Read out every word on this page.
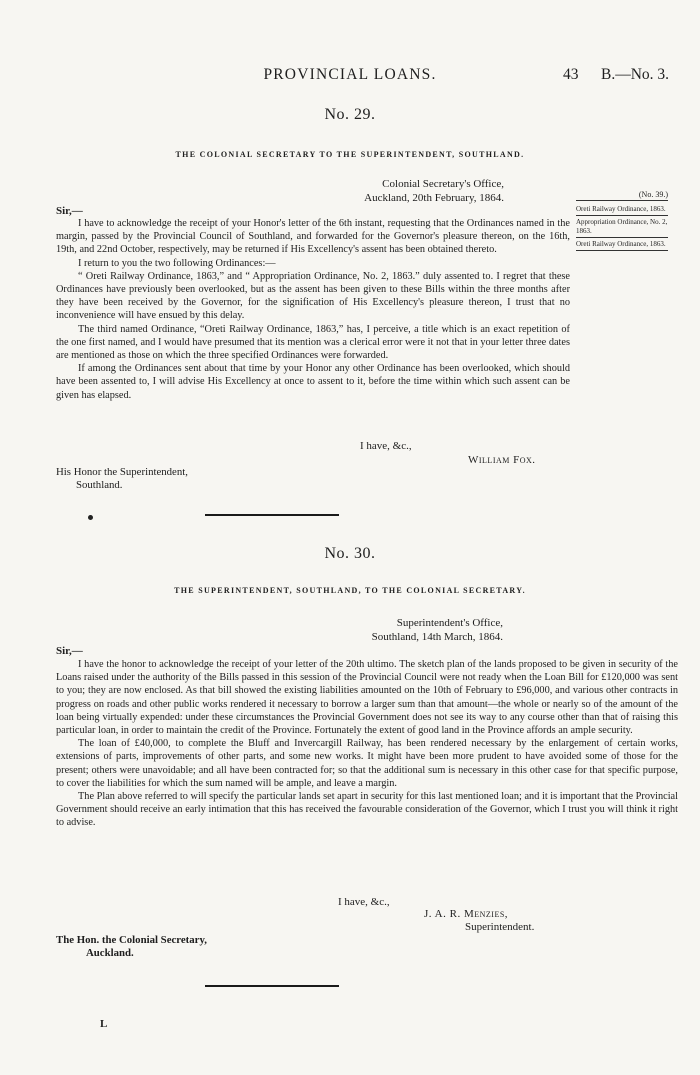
PROVINCIAL LOANS.	43 B.—No. 3.
No. 29.
THE COLONIAL SECRETARY TO THE SUPERINTENDENT, SOUTHLAND.
Colonial Secretary's Office,
Auckland, 20th February, 1864.
Sir,—

I have to acknowledge the receipt of your Honor's letter of the 6th instant, requesting that the Ordinances named in the margin, passed by the Provincial Council of Southland, and forwarded for the Governor's pleasure thereon, on the 16th, 19th, and 22nd October, respectively, may be returned if His Excellency's assent has been obtained thereto.

I return to you the two following Ordinances:—

“ Oreti Railway Ordinance, 1863,” and “ Appropriation Ordinance, No. 2, 1863.” duly assented to. I regret that these Ordinances have previously been overlooked, but as the assent has been given to these Bills within the three months after they have been received by the Governor, for the signification of His Excellency's pleasure thereon, I trust that no inconvenience will have ensued by this delay.

The third named Ordinance, “Oreti Railway Ordinance, 1863,” has, I perceive, a title which is an exact repetition of the one first named, and I would have presumed that its mention was a clerical error were it not that in your letter three dates are mentioned as those on which the three specified Ordinances were forwarded.

If among the Ordinances sent about that time by your Honor any other Ordinance has been overlooked, which should have been assented to, I will advise His Excellency at once to assent to it, before the time within which such assent can be given has elapsed.

I have, &c.,
William Fox.
His Honor the Superintendent,
Southland.
(No. 39.)
Oreti Railway Ordinance, 1863.
Appropriation Ordinance, No. 2, 1863.
Oreti Railway Ordinance, 1863.
No. 30.
THE SUPERINTENDENT, SOUTHLAND, TO THE COLONIAL SECRETARY.
Superintendent's Office,
Southland, 14th March, 1864.
Sir,—

I have the honor to acknowledge the receipt of your letter of the 20th ultimo. The sketch plan of the lands proposed to be given in security of the Loans raised under the authority of the Bills passed in this session of the Provincial Council were not ready when the Loan Bill for £120,000 was sent to you; they are now enclosed. As that bill showed the existing liabilities amounted on the 10th of February to £96,000, and various other contracts in progress on roads and other public works rendered it necessary to borrow a larger sum than that amount—the whole or nearly so of the amount of the loan being virtually expended: under these circumstances the Provincial Government does not see its way to any course other than that of raising this particular loan, in order to maintain the credit of the Province. Fortunately the extent of good land in the Province affords an ample security.

The loan of £40,000, to complete the Bluff and Invercargill Railway, has been rendered necessary by the enlargement of certain works, extensions of parts, improvements of other parts, and some new works. It might have been more prudent to have avoided some of those for the present; others were unavoidable; and all have been contracted for; so that the additional sum is necessary in this other case for that specific purpose, to cover the liabilities for which the sum named will be ample, and leave a margin.

The Plan above referred to will specify the particular lands set apart in security for this last mentioned loan; and it is important that the Provincial Government should receive an early intimation that this has received the favourable consideration of the Governor, which I trust you will think it right to advise.

I have, &c.,
J. A. R. Menzies,
Superintendent.
The Hon. the Colonial Secretary,
Auckland.
L
